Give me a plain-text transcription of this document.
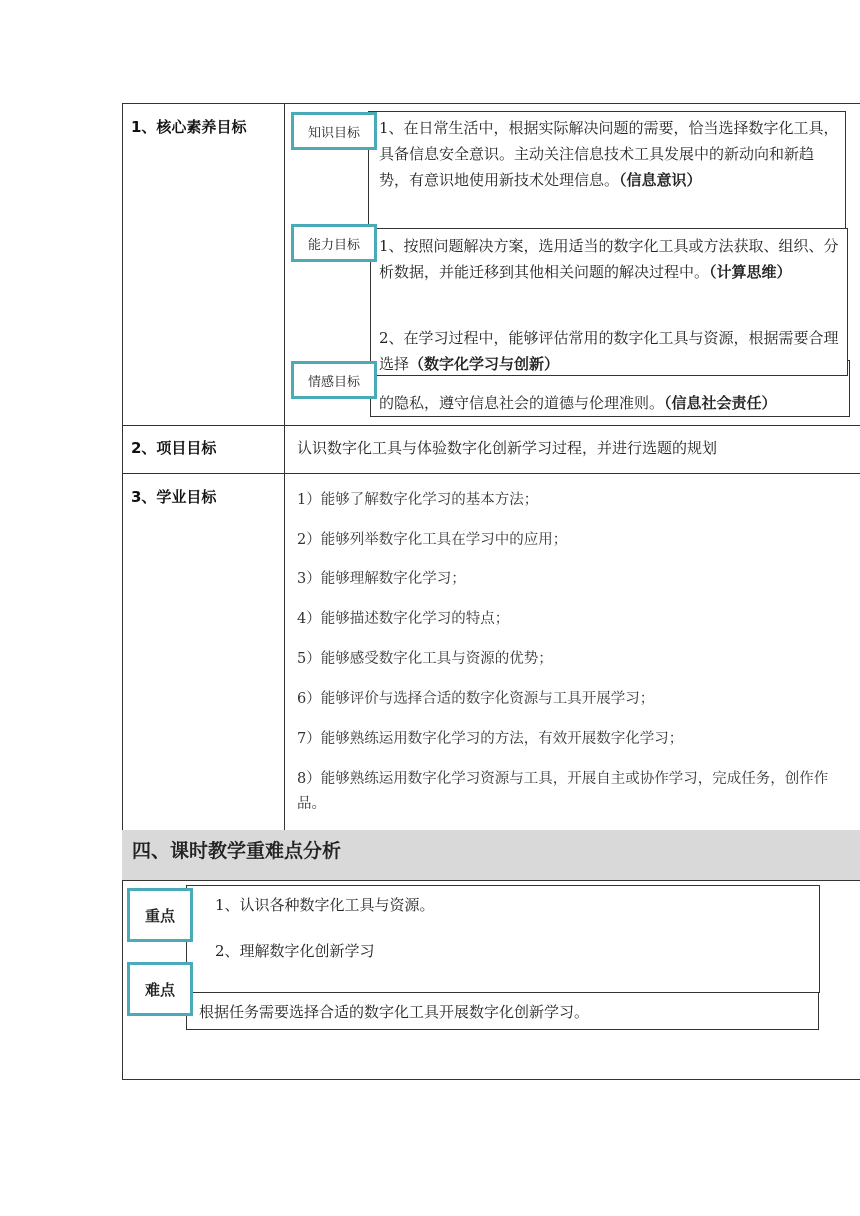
1、核心素养目标
2、项目目标
3、学业目标
的隐私，遵守信息社会的道德与伦理准则。（信息社会责任）
1、按照问题解决方案，选用适当的数字化工具或方法获取、组织、分析数据，并能迁移到其他相关问题的解决过程中。（计算思维）
2、在学习过程中，能够评估常用的数字化工具与资源，根据需要合理选择（数字化学习与创新）
1、在日常生活中，根据实际解决问题的需要，恰当选择数字化工具，具备信息安全意识。主动关注信息技术工具发展中的新动向和新趋势，有意识地使用新技术处理信息。（信息意识）
知识目标
能力目标
情感目标
认识数字化工具与体验数字化创新学习过程，并进行选题的规划
1）能够了解数字化学习的基本方法；
2）能够列举数字化工具在学习中的应用；
3）能够理解数字化学习；
4）能够描述数字化学习的特点；
5）能够感受数字化工具与资源的优势；
6）能够评价与选择合适的数字化资源与工具开展学习；
7）能够熟练运用数字化学习的方法，有效开展数字化学习；
8）能够熟练运用数字化学习资源与工具，开展自主或协作学习，完成任务，创作作品。
四、课时教学重难点分析
1、认识各种数字化工具与资源。
2、理解数字化创新学习
根据任务需要选择合适的数字化工具开展数字化创新学习。
重点
难点
